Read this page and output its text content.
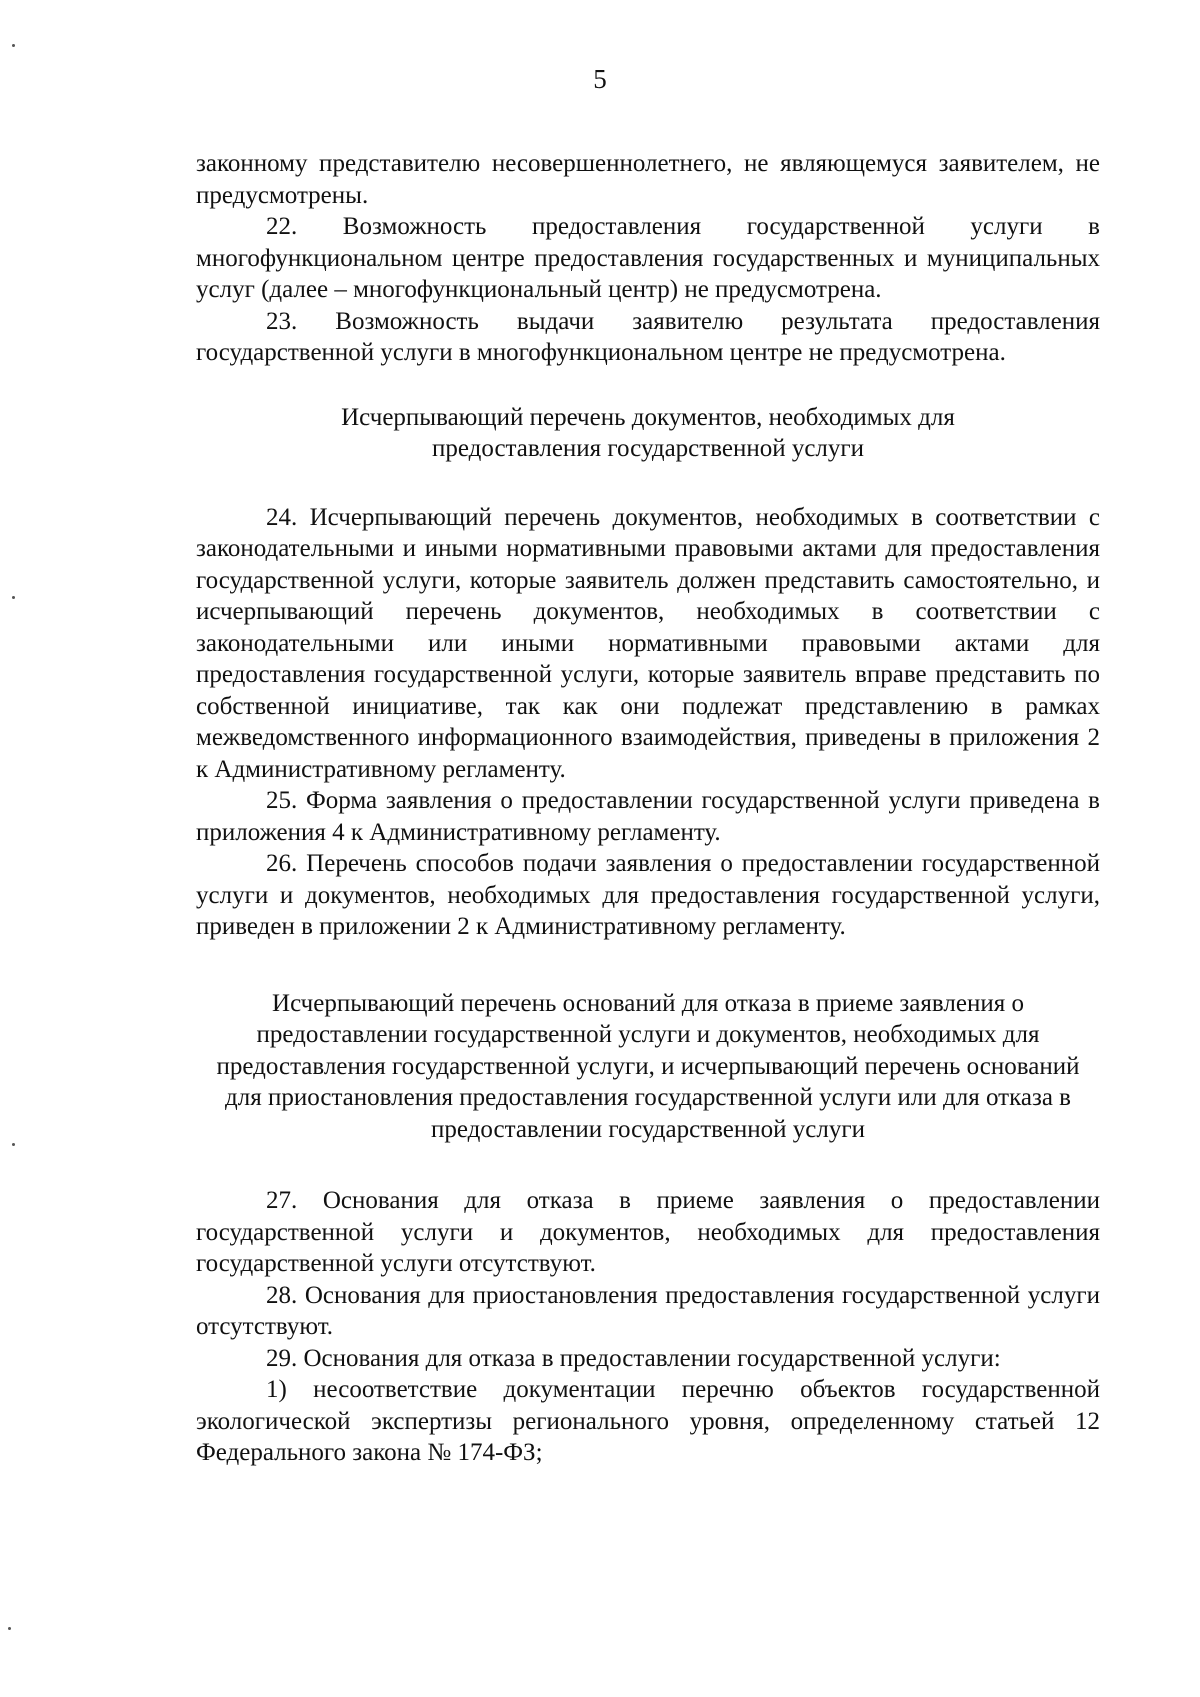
5

законному представителю несовершеннолетнего, не являющемуся заявителем, не предусмотрены.

22. Возможность предоставления государственной услуги в многофункциональном центре предоставления государственных и муниципальных услуг (далее – многофункциональный центр) не предусмотрена.

23. Возможность выдачи заявителю результата предоставления государственной услуги в многофункциональном центре не предусмотрена.

Исчерпывающий перечень документов, необходимых для предоставления государственной услуги

24. Исчерпывающий перечень документов, необходимых в соответствии с законодательными и иными нормативными правовыми актами для предоставления государственной услуги, которые заявитель должен представить самостоятельно, и исчерпывающий перечень документов, необходимых в соответствии с законодательными или иными нормативными правовыми актами для предоставления государственной услуги, которые заявитель вправе представить по собственной инициативе, так как они подлежат представлению в рамках межведомственного информационного взаимодействия, приведены в приложения 2 к Административному регламенту.

25. Форма заявления о предоставлении государственной услуги приведена в приложения 4 к Административному регламенту.

26. Перечень способов подачи заявления о предоставлении государственной услуги и документов, необходимых для предоставления государственной услуги, приведен в приложении 2 к Административному регламенту.

Исчерпывающий перечень оснований для отказа в приеме заявления о предоставлении государственной услуги и документов, необходимых для предоставления государственной услуги, и исчерпывающий перечень оснований для приостановления предоставления государственной услуги или для отказа в предоставлении государственной услуги

27. Основания для отказа в приеме заявления о предоставлении государственной услуги и документов, необходимых для предоставления государственной услуги отсутствуют.

28. Основания для приостановления предоставления государственной услуги отсутствуют.

29. Основания для отказа в предоставлении государственной услуги:

1) несоответствие документации перечню объектов государственной экологической экспертизы регионального уровня, определенному статьей 12 Федерального закона № 174-ФЗ;
